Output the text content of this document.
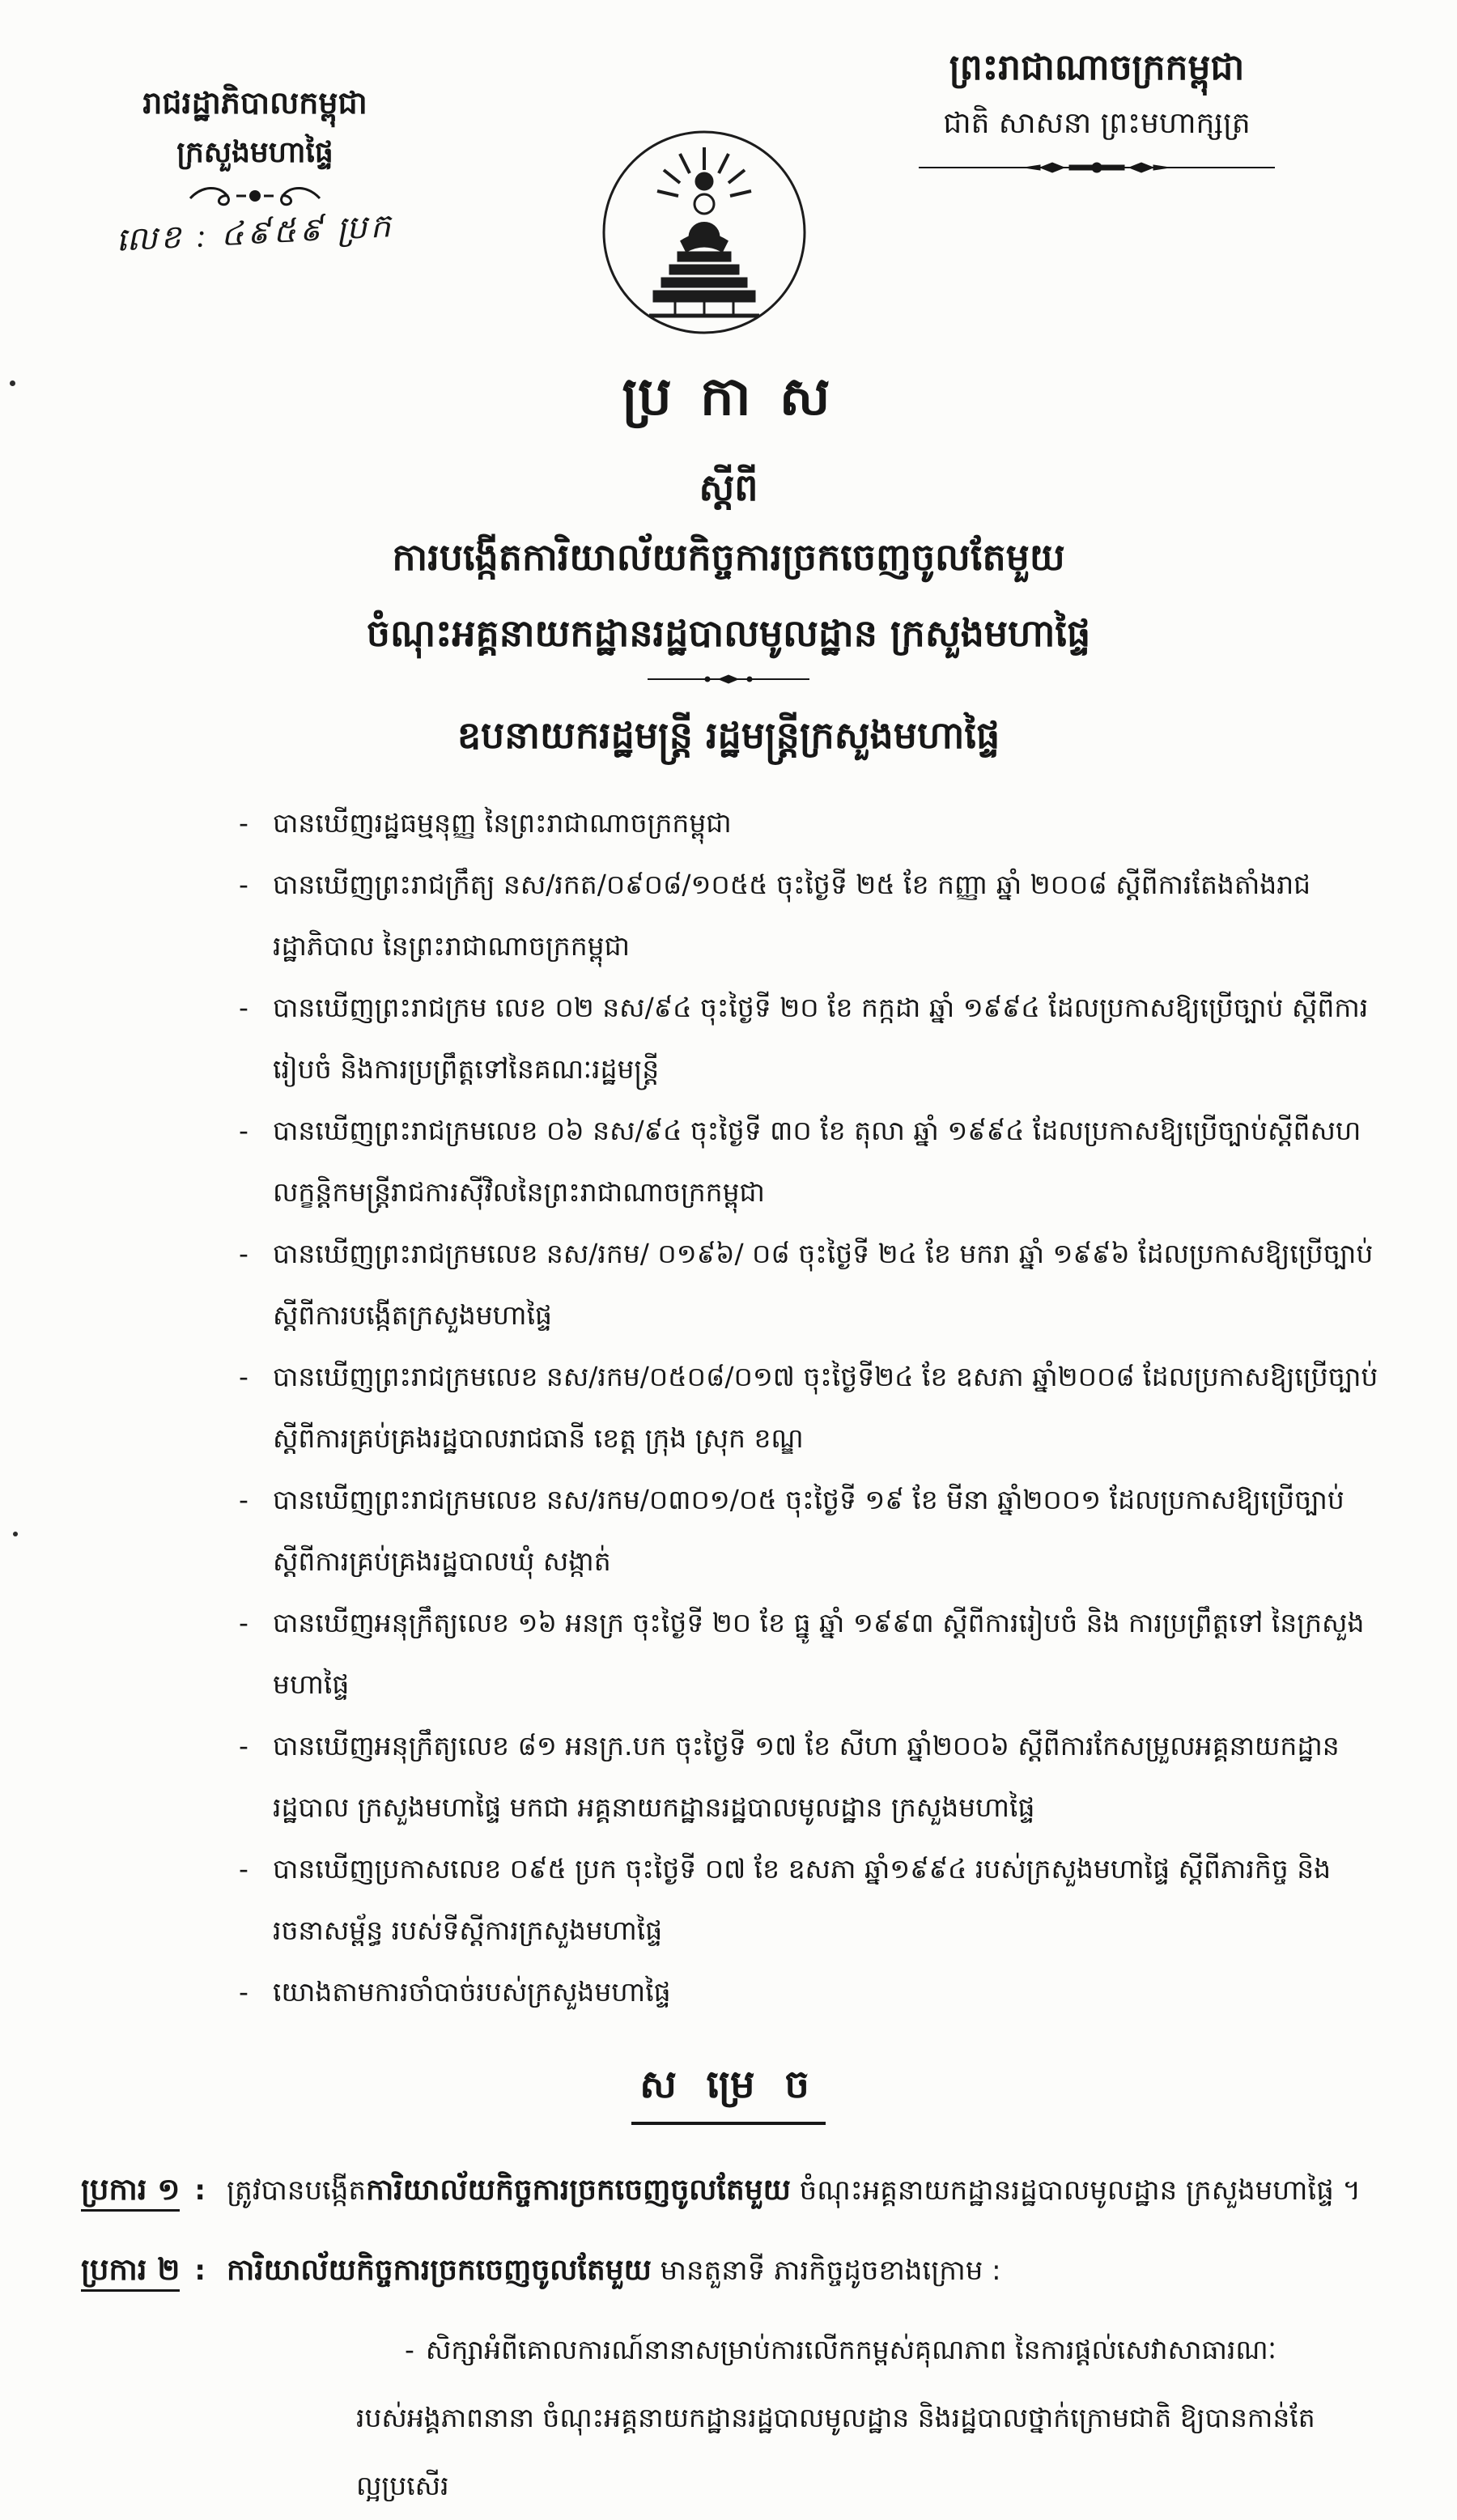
រាជរដ្ឋាភិបាលកម្ពុជា
ក្រសួងមហាផ្ទៃ
លេខ : ៤៩៥៩ ប្រក
ព្រះរាជាណាចក្រកម្ពុជា
ជាតិ សាសនា ព្រះមហាក្សត្រ
ប្រ កា ស
ស្តីពី
ការបង្កើតការិយាល័យកិច្ចការច្រកចេញចូលតែមួយ
ចំណុះអគ្គនាយកដ្ឋានរដ្ឋបាលមូលដ្ឋាន ក្រសួងមហាផ្ទៃ
ឧបនាយករដ្ឋមន្ត្រី រដ្ឋមន្ត្រីក្រសួងមហាផ្ទៃ
- បានឃើញរដ្ឋធម្មនុញ្ញ នៃព្រះរាជាណាចក្រកម្ពុជា
- បានឃើញព្រះរាជក្រឹត្យ នស/រកត/០៩០៨/១០៥៥ ចុះថ្ងៃទី ២៥ ខែ កញ្ញា ឆ្នាំ ២០០៨ ស្តីពីការតែងតាំងរាជរដ្ឋាភិបាល នៃព្រះរាជាណាចក្រកម្ពុជា
- បានឃើញព្រះរាជក្រម លេខ ០២ នស/៩៤ ចុះថ្ងៃទី ២០ ខែ កក្កដា ឆ្នាំ ១៩៩៤ ដែលប្រកាសឱ្យប្រើច្បាប់ ស្តីពីការរៀបចំ និងការប្រព្រឹត្តទៅនៃគណៈរដ្ឋមន្ត្រី
- បានឃើញព្រះរាជក្រមលេខ ០៦ នស/៩៤ ចុះថ្ងៃទី ៣០ ខែ តុលា ឆ្នាំ ១៩៩៤ ដែលប្រកាសឱ្យប្រើច្បាប់ស្តីពីសហលក្ខន្តិកមន្ត្រីរាជការស៊ីវិលនៃព្រះរាជាណាចក្រកម្ពុជា
- បានឃើញព្រះរាជក្រមលេខ នស/រកម/ ០១៩៦/ ០៨ ចុះថ្ងៃទី ២៤ ខែ មករា ឆ្នាំ ១៩៩៦ ដែលប្រកាសឱ្យប្រើច្បាប់ ស្តីពីការបង្កើតក្រសួងមហាផ្ទៃ
- បានឃើញព្រះរាជក្រមលេខ នស/រកម/០៥០៨/០១៧ ចុះថ្ងៃទី២៤ ខែ ឧសភា ឆ្នាំ២០០៨ ដែលប្រកាសឱ្យប្រើច្បាប់ស្តីពីការគ្រប់គ្រងរដ្ឋបាលរាជធានី ខេត្ត ក្រុង ស្រុក ខណ្ឌ
- បានឃើញព្រះរាជក្រមលេខ នស/រកម/០៣០១/០៥ ចុះថ្ងៃទី ១៩ ខែ មីនា ឆ្នាំ២០០១ ដែលប្រកាសឱ្យប្រើច្បាប់ស្តីពីការគ្រប់គ្រងរដ្ឋបាលឃុំ សង្កាត់
- បានឃើញអនុក្រឹត្យលេខ ១៦ អនក្រ ចុះថ្ងៃទី ២០ ខែ ធ្នូ ឆ្នាំ ១៩៩៣ ស្តីពីការរៀបចំ និង ការប្រព្រឹត្តទៅ នៃក្រសួងមហាផ្ទៃ
- បានឃើញអនុក្រឹត្យលេខ ៨១ អនក្រ.បក ចុះថ្ងៃទី ១៧ ខែ សីហា ឆ្នាំ២០០៦ ស្តីពីការកែសម្រួលអគ្គនាយកដ្ឋានរដ្ឋបាល ក្រសួងមហាផ្ទៃ មកជា អគ្គនាយកដ្ឋានរដ្ឋបាលមូលដ្ឋាន ក្រសួងមហាផ្ទៃ
- បានឃើញប្រកាសលេខ ០៩៥ ប្រក ចុះថ្ងៃទី ០៧ ខែ ឧសភា ឆ្នាំ១៩៩៤ របស់ក្រសួងមហាផ្ទៃ ស្តីពីភារកិច្ច និង រចនាសម្ព័ន្ធ របស់ទីស្តីការក្រសួងមហាផ្ទៃ
- យោងតាមការចាំបាច់របស់ក្រសួងមហាផ្ទៃ
ស ម្រេ ច
ប្រការ ១ : ត្រូវបានបង្កើតការិយាល័យកិច្ចការច្រកចេញចូលតែមួយ ចំណុះអគ្គនាយកដ្ឋានរដ្ឋបាលមូលដ្ឋាន ក្រសួងមហាផ្ទៃ ។
ប្រការ ២ : ការិយាល័យកិច្ចការច្រកចេញចូលតែមួយ មានតួនាទី ភារកិច្ចដូចខាងក្រោម :
- សិក្សាអំពីគោលការណ៍នានាសម្រាប់ការលើកកម្ពស់គុណភាព នៃការផ្តល់សេវាសាធារណៈរបស់អង្គភាពនានា ចំណុះអគ្គនាយកដ្ឋានរដ្ឋបាលមូលដ្ឋាន និងរដ្ឋបាលថ្នាក់ក្រោមជាតិ ឱ្យបានកាន់តែល្អប្រសើរ
